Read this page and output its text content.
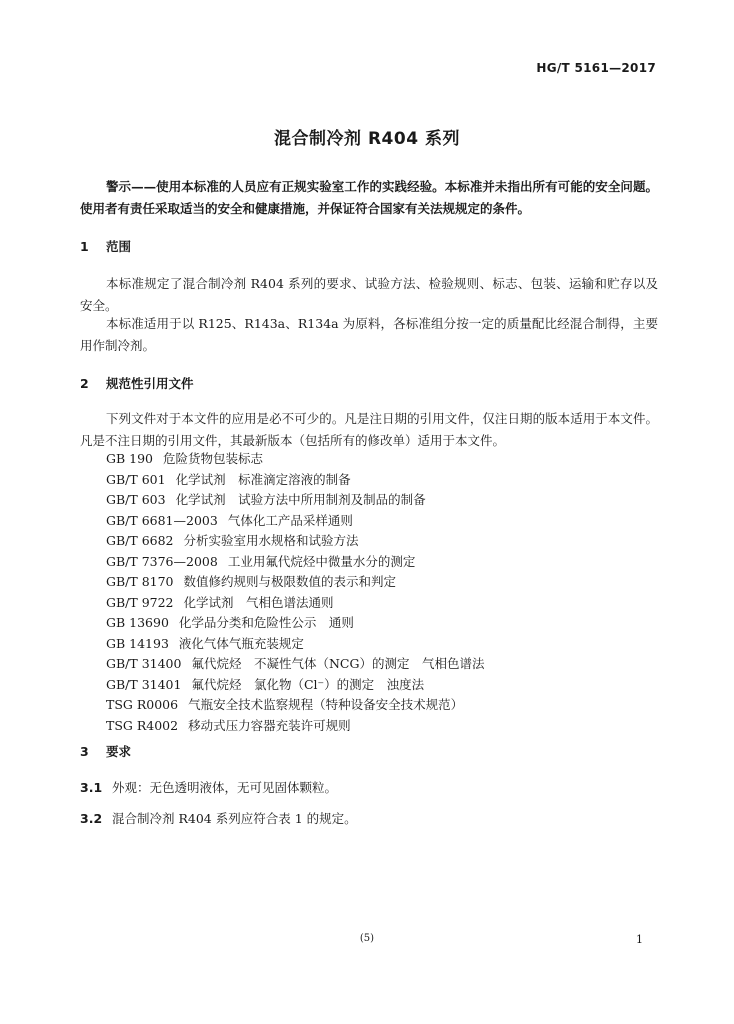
HG/T 5161—2017
混合制冷剂 R404 系列
警示——使用本标准的人员应有正规实验室工作的实践经验。本标准并未指出所有可能的安全问题。使用者有责任采取适当的安全和健康措施，并保证符合国家有关法规规定的条件。
1 范围
本标准规定了混合制冷剂 R404 系列的要求、试验方法、检验规则、标志、包装、运输和贮存以及安全。
本标准适用于以 R125、R143a、R134a 为原料，各标准组分按一定的质量配比经混合制得，主要用作制冷剂。
2 规范性引用文件
下列文件对于本文件的应用是必不可少的。凡是注日期的引用文件，仅注日期的版本适用于本文件。凡是不注日期的引用文件，其最新版本（包括所有的修改单）适用于本文件。
GB 190 危险货物包装标志
GB/T 601 化学试剂　标准滴定溶液的制备
GB/T 603 化学试剂　试验方法中所用制剂及制品的制备
GB/T 6681—2003 气体化工产品采样通则
GB/T 6682 分析实验室用水规格和试验方法
GB/T 7376—2008 工业用氟代烷烃中微量水分的测定
GB/T 8170 数值修约规则与极限数值的表示和判定
GB/T 9722 化学试剂　气相色谱法通则
GB 13690 化学品分类和危险性公示　通则
GB 14193 液化气体气瓶充装规定
GB/T 31400 氟代烷烃　不凝性气体（NCG）的测定　气相色谱法
GB/T 31401 氟代烷烃　氯化物（Cl⁻）的测定　浊度法
TSG R0006 气瓶安全技术监察规程（特种设备安全技术规范）
TSG R4002 移动式压力容器充装许可规则
3 要求
3.1 外观：无色透明液体，无可见固体颗粒。
3.2 混合制冷剂 R404 系列应符合表 1 的规定。
(5)	1
